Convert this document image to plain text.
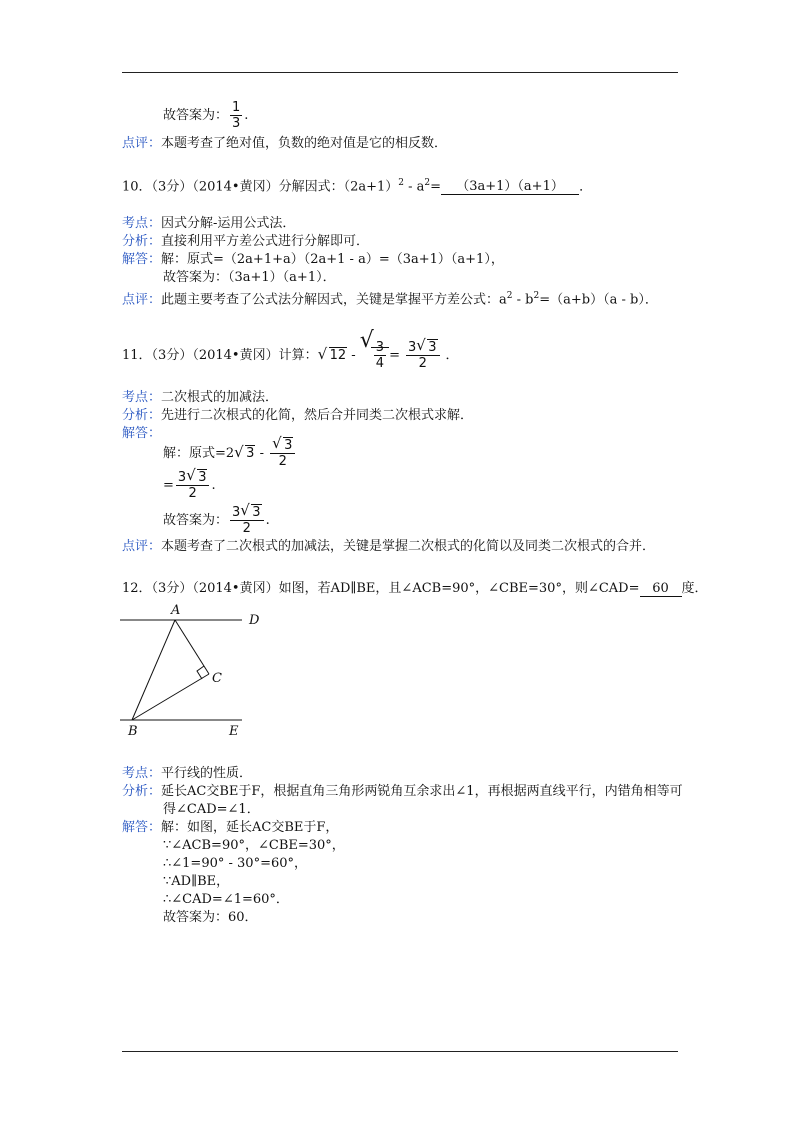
故答案为： $\frac{1}{3}$ .
点评：本题考查了绝对值，负数的绝对值是它的相反数．
10．（3分）（2014•黄冈）分解因式：$(2a+1)^2 - a^2= (3a+1)(a+1)$ ．
考点：因式分解-运用公式法．
分析：直接利用平方差公式进行分解即可．
解答：解：原式=（2a+1+a）（2a+1 - a）=（3a+1）（a+1），
故答案为：（3a+1）（a+1）．
点评：此题主要考查了公式法分解因式，关键是掌握平方差公式：$a^2 - b^2=(a+b)(a - b)$．
11．（3分）（2014•黄冈）计算： √ 12 -
√ $\frac{3}{4} = \frac{3 √ 3}{2}$ ．
考点：二次根式的加减法．
分析：先进行二次根式的化简，然后合并同类二次根式求解．
解答：
解：原式=2 √ $3 - \frac{√ 3}{2}$
= $\frac{3 √ 3}{2}$ .
故答案为： $\frac{3 √ 3}{2}$ .
点评：本题考查了二次根式的加减法，关键是掌握二次根式的化简以及同类二次根式的合并．
12．（3分）（2014•黄冈）如图，若AD∥BE，且∠ACB=90°，∠CBE=30°，则∠CAD= 60 度．
A
D
C
B	E
考点：平行线的性质．
分析：延长AC交BE于F，根据直角三角形两锐角互余求出∠1，再根据两直线平行，内错角相等可
得∠CAD=∠1．
解答：解：如图，延长AC交BE于F，
∵∠ACB=90°，∠CBE=30°，
∴∠1=90° - 30°=60°，
∵AD∥BE，
∴∠CAD=∠1=60°．
故答案为：60．
